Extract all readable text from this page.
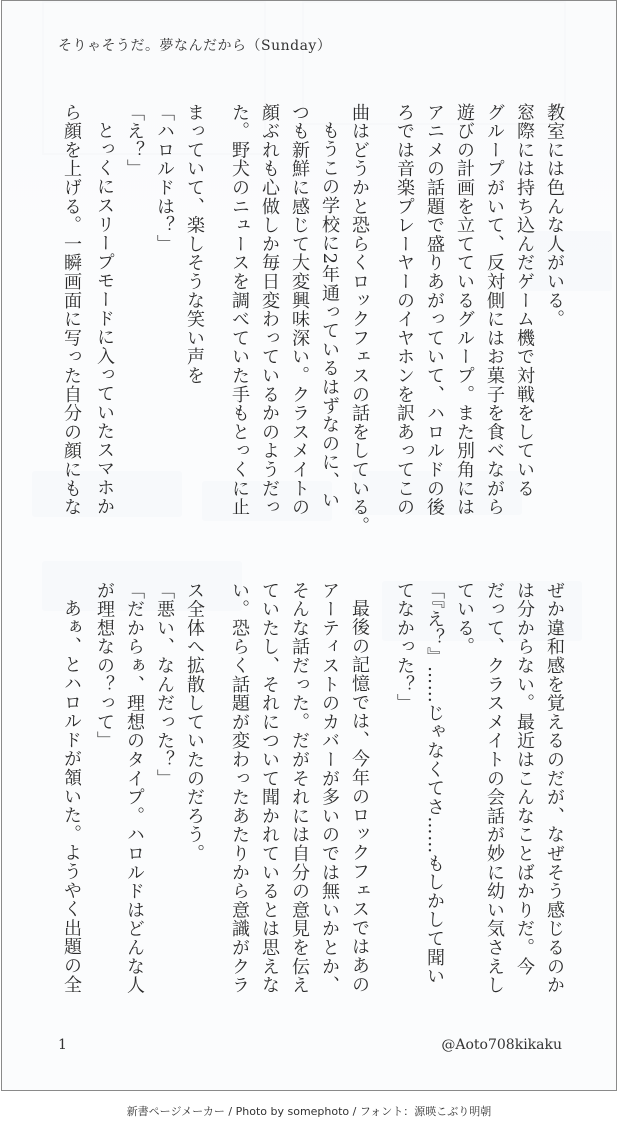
そりゃそうだ。夢なんだから（Sunday）
教室には色んな人がいる。
窓際には持ち込んだゲーム機で対戦をしている
グループがいて、反対側にはお菓子を食べながら
遊びの計画を立てているグループ。また別角には
アニメの話題で盛りあがっていて、ハロルドの後
ろでは音楽プレーヤーのイヤホンを訳あってこの
曲はどうかと恐らくロックフェスの話をしている。
もうこの学校に2年通っているはずなのに、い
つも新鮮に感じて大変興味深い。クラスメイトの
顔ぶれも心做しか毎日変わっているかのようだっ
た。野犬のニュースを調べていた手もとっくに止
まっていて、楽しそうな笑い声を
「ハロルドは？」
「え？」
とっくにスリープモードに入っていたスマホか
ら顔を上げる。一瞬画面に写った自分の顔にもな
ぜか違和感を覚えるのだが、なぜそう感じるのか
は分からない。最近はこんなことばかりだ。今
だって、クラスメイトの会話が妙に幼い気さえし
ている。
「『え？』……じゃなくてさ……もしかして聞い
てなかった？」
最後の記憶では、今年のロックフェスではあの
アーティストのカバーが多いのでは無いかとか、
そんな話だった。だがそれには自分の意見を伝え
ていたし、それについて聞かれているとは思えな
い。恐らく話題が変わったあたりから意識がクラ
ス全体へ拡散していたのだろう。
「悪い、なんだった？」
「だからぁ、理想のタイプ。ハロルドはどんな人
が理想なの？って」
あぁ、とハロルドが頷いた。ようやく出題の全
1	@Aoto708kikaku
新書ページメーカー / Photo by somephoto / フォント：源暎こぶり明朝
